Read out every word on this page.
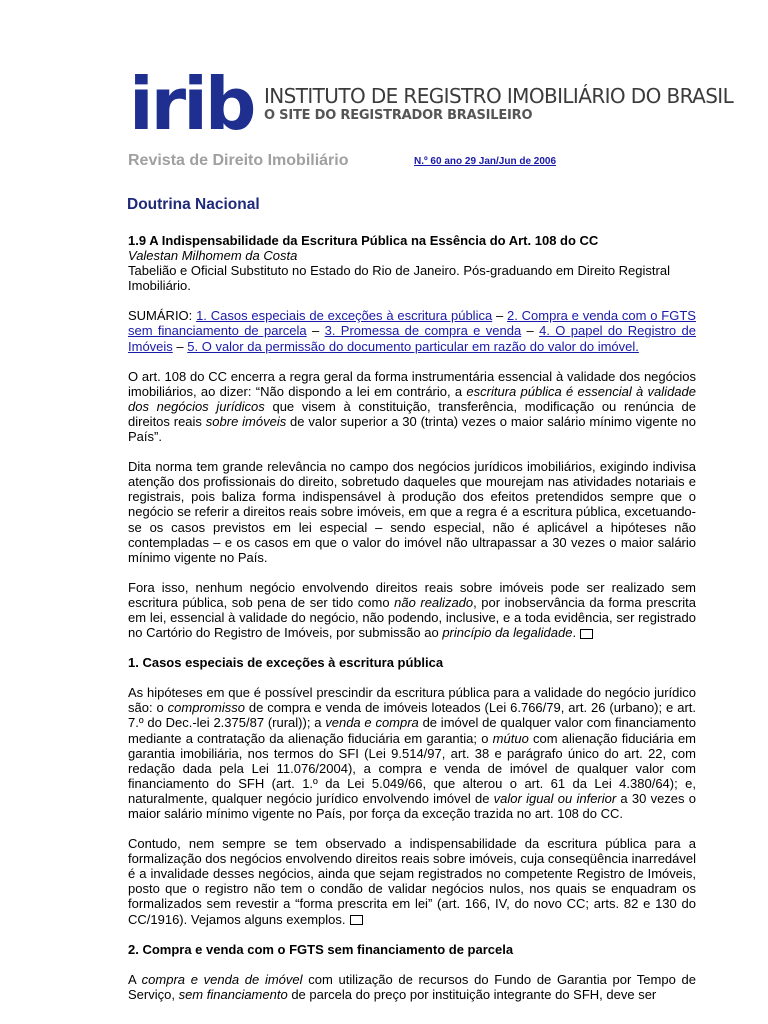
irib INSTITUTO DE REGISTRO IMOBILIÁRIO DO BRASIL
O SITE DO REGISTRADOR BRASILEIRO
Revista de Direito Imobiliário	N.º 60 ano 29 Jan/Jun de 2006
Doutrina Nacional

1.9 A Indispensabilidade da Escritura Pública na Essência do Art. 108 do CC

Valestan Milhomem da Costa

Tabelião e Oficial Substituto no Estado do Rio de Janeiro. Pós-graduando em Direito Registral Imobiliário.

SUMÁRIO: 1. Casos especiais de exceções à escritura pública – 2. Compra e venda com o FGTS sem financiamento de parcela – 3. Promessa de compra e venda – 4. O papel do Registro de Imóveis – 5. O valor da permissão do documento particular em razão do valor do imóvel.

O art. 108 do CC encerra a regra geral da forma instrumentária essencial à validade dos negócios imobiliários, ao dizer: “Não dispondo a lei em contrário, a escritura pública é essencial à validade dos negócios jurídicos que visem à constituição, transferência, modificação ou renúncia de direitos reais sobre imóveis de valor superior a 30 (trinta) vezes o maior salário mínimo vigente no País”.

Dita norma tem grande relevância no campo dos negócios jurídicos imobiliários, exigindo indivisa atenção dos profissionais do direito, sobretudo daqueles que mourejam nas atividades notariais e registrais, pois baliza forma indispensável à produção dos efeitos pretendidos sempre que o negócio se referir a direitos reais sobre imóveis, em que a regra é a escritura pública, excetuando-se os casos previstos em lei especial – sendo especial, não é aplicável a hipóteses não contempladas – e os casos em que o valor do imóvel não ultrapassar a 30 vezes o maior salário mínimo vigente no País.

Fora isso, nenhum negócio envolvendo direitos reais sobre imóveis pode ser realizado sem escritura pública, sob pena de ser tido como não realizado, por inobservância da forma prescrita em lei, essencial à validade do negócio, não podendo, inclusive, e a toda evidência, ser registrado no Cartório do Registro de Imóveis, por submissão ao princípio da legalidade.

1. Casos especiais de exceções à escritura pública

As hipóteses em que é possível prescindir da escritura pública para a validade do negócio jurídico são: o compromisso de compra e venda de imóveis loteados (Lei 6.766/79, art. 26 (urbano); e art. 7.º do Dec.-lei 2.375/87 (rural)); a venda e compra de imóvel de qualquer valor com financiamento mediante a contratação da alienação fiduciária em garantia; o mútuo com alienação fiduciária em garantia imobiliária, nos termos do SFI (Lei 9.514/97, art. 38 e parágrafo único do art. 22, com redação dada pela Lei 11.076/2004), a compra e venda de imóvel de qualquer valor com financiamento do SFH (art. 1.º da Lei 5.049/66, que alterou o art. 61 da Lei 4.380/64); e, naturalmente, qualquer negócio jurídico envolvendo imóvel de valor igual ou inferior a 30 vezes o maior salário mínimo vigente no País, por força da exceção trazida no art. 108 do CC.

Contudo, nem sempre se tem observado a indispensabilidade da escritura pública para a formalização dos negócios envolvendo direitos reais sobre imóveis, cuja conseqüência inarredável é a invalidade desses negócios, ainda que sejam registrados no competente Registro de Imóveis, posto que o registro não tem o condão de validar negócios nulos, nos quais se enquadram os formalizados sem revestir a “forma prescrita em lei” (art. 166, IV, do novo CC; arts. 82 e 130 do CC/1916). Vejamos alguns exemplos.

2. Compra e venda com o FGTS sem financiamento de parcela

A compra e venda de imóvel com utilização de recursos do Fundo de Garantia por Tempo de Serviço, sem financiamento de parcela do preço por instituição integrante do SFH, deve ser
